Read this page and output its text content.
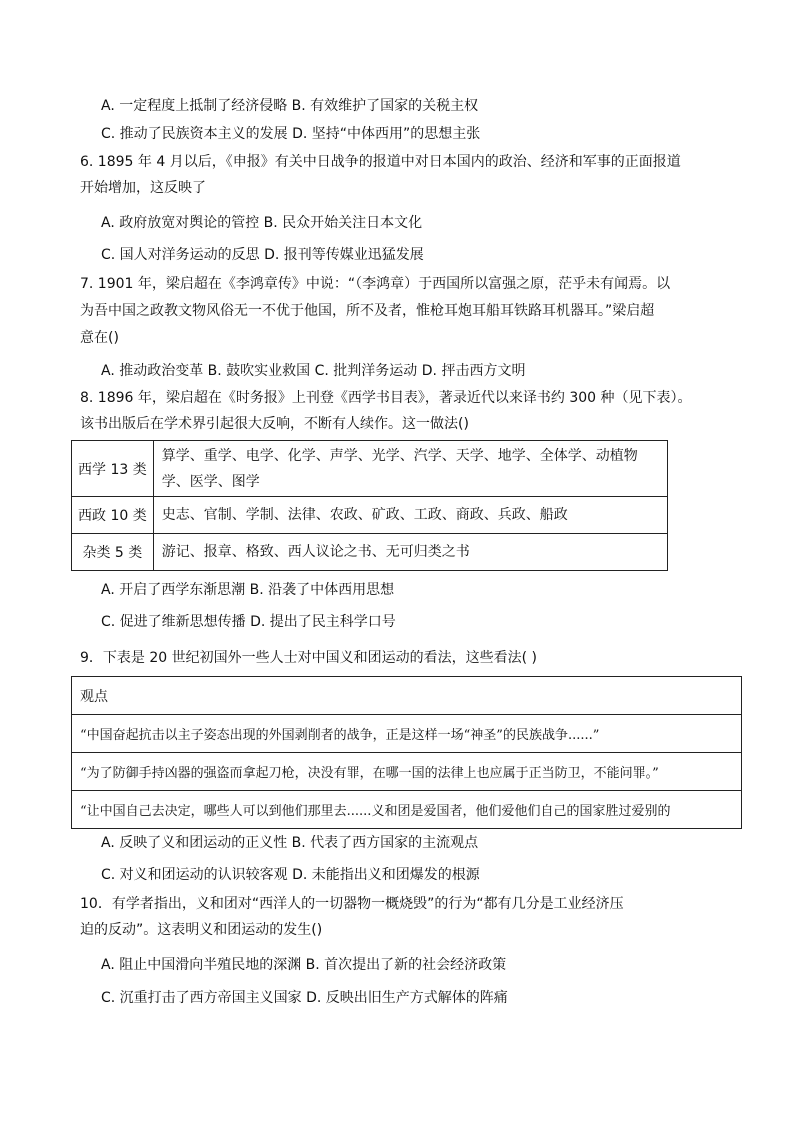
A. 一定程度上抵制了经济侵略 B. 有效维护了国家的关税主权
C. 推动了民族资本主义的发展 D. 坚持“中体西用”的思想主张
6. 1895 年 4 月以后，《申报》有关中日战争的报道中对日本国内的政治、经济和军事的正面报道
开始增加，这反映了
A. 政府放宽对舆论的管控 B. 民众开始关注日本文化
C. 国人对洋务运动的反思 D. 报刊等传媒业迅猛发展
7. 1901 年，梁启超在《李鸿章传》中说：“（李鸿章）于西国所以富强之原，茫乎未有闻焉。以
为吾中国之政教文物风俗无一不优于他国，所不及者，惟枪耳炮耳船耳铁路耳机器耳。”梁启超
意在()
A. 推动政治变革 B. 鼓吹实业救国 C. 批判洋务运动 D. 抨击西方文明
8. 1896 年，梁启超在《时务报》上刊登《西学书目表》，著录近代以来译书约 300 种（见下表）。
该书出版后在学术界引起很大反响，不断有人续作。这一做法()
西学 13 类	算学、重学、电学、化学、声学、光学、汽学、天学、地学、全体学、动植物学、医学、图学
西政 10 类	史志、官制、学制、法律、农政、矿政、工政、商政、兵政、船政
杂类 5 类	游记、报章、格致、西人议论之书、无可归类之书
A. 开启了西学东渐思潮 B. 沿袭了中体西用思想
C. 促进了维新思想传播 D. 提出了民主科学口号
9．下表是 20 世纪初国外一些人士对中国义和团运动的看法，这些看法( )
观点
“中国奋起抗击以主子姿态出现的外国剥削者的战争，正是这样一场“神圣”的民族战争......”
“为了防御手持凶器的强盗而拿起刀枪，决没有罪，在哪一国的法律上也应属于正当防卫，不能问罪。”
“让中国自己去决定，哪些人可以到他们那里去......义和团是爱国者，他们爱他们自己的国家胜过爱别的
A. 反映了义和团运动的正义性 B. 代表了西方国家的主流观点
C. 对义和团运动的认识较客观 D. 未能指出义和团爆发的根源
10．有学者指出，义和团对“西洋人的一切器物一概烧毁”的行为“都有几分是工业经济压
迫的反动”。这表明义和团运动的发生()
A. 阻止中国滑向半殖民地的深渊 B. 首次提出了新的社会经济政策
C. 沉重打击了西方帝国主义国家 D. 反映出旧生产方式解体的阵痛
